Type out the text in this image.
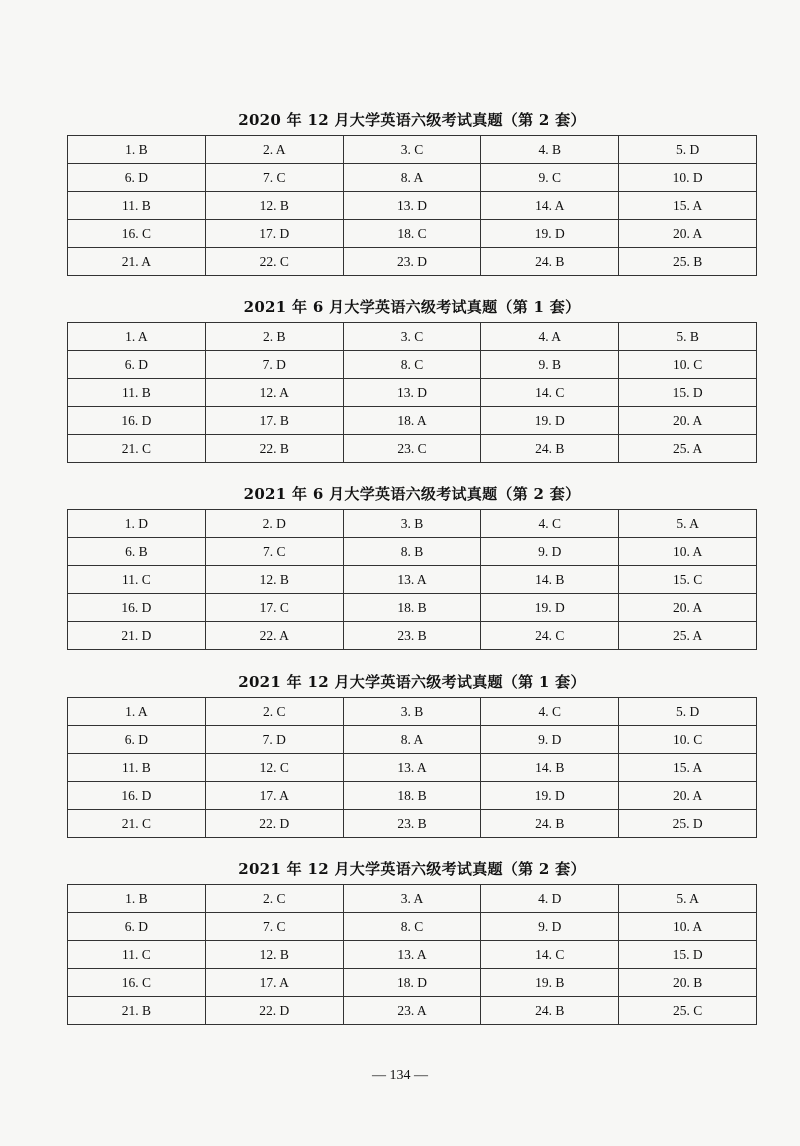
2020 年 12 月大学英语六级考试真题（第 2 套）
1. B	2. A	3. C	4. B	5. D
6. D	7. C	8. A	9. C	10. D
11. B	12. B	13. D	14. A	15. A
16. C	17. D	18. C	19. D	20. A
21. A	22. C	23. D	24. B	25. B
2021 年 6 月大学英语六级考试真题（第 1 套）
1. A	2. B	3. C	4. A	5. B
6. D	7. D	8. C	9. B	10. C
11. B	12. A	13. D	14. C	15. D
16. D	17. B	18. A	19. D	20. A
21. C	22. B	23. C	24. B	25. A
2021 年 6 月大学英语六级考试真题（第 2 套）
1. D	2. D	3. B	4. C	5. A
6. B	7. C	8. B	9. D	10. A
11. C	12. B	13. A	14. B	15. C
16. D	17. C	18. B	19. D	20. A
21. D	22. A	23. B	24. C	25. A
2021 年 12 月大学英语六级考试真题（第 1 套）
1. A	2. C	3. B	4. C	5. D
6. D	7. D	8. A	9. D	10. C
11. B	12. C	13. A	14. B	15. A
16. D	17. A	18. B	19. D	20. A
21. C	22. D	23. B	24. B	25. D
2021 年 12 月大学英语六级考试真题（第 2 套）
1. B	2. C	3. A	4. D	5. A
6. D	7. C	8. C	9. D	10. A
11. C	12. B	13. A	14. C	15. D
16. C	17. A	18. D	19. B	20. B
21. B	22. D	23. A	24. B	25. C
— 134 —
